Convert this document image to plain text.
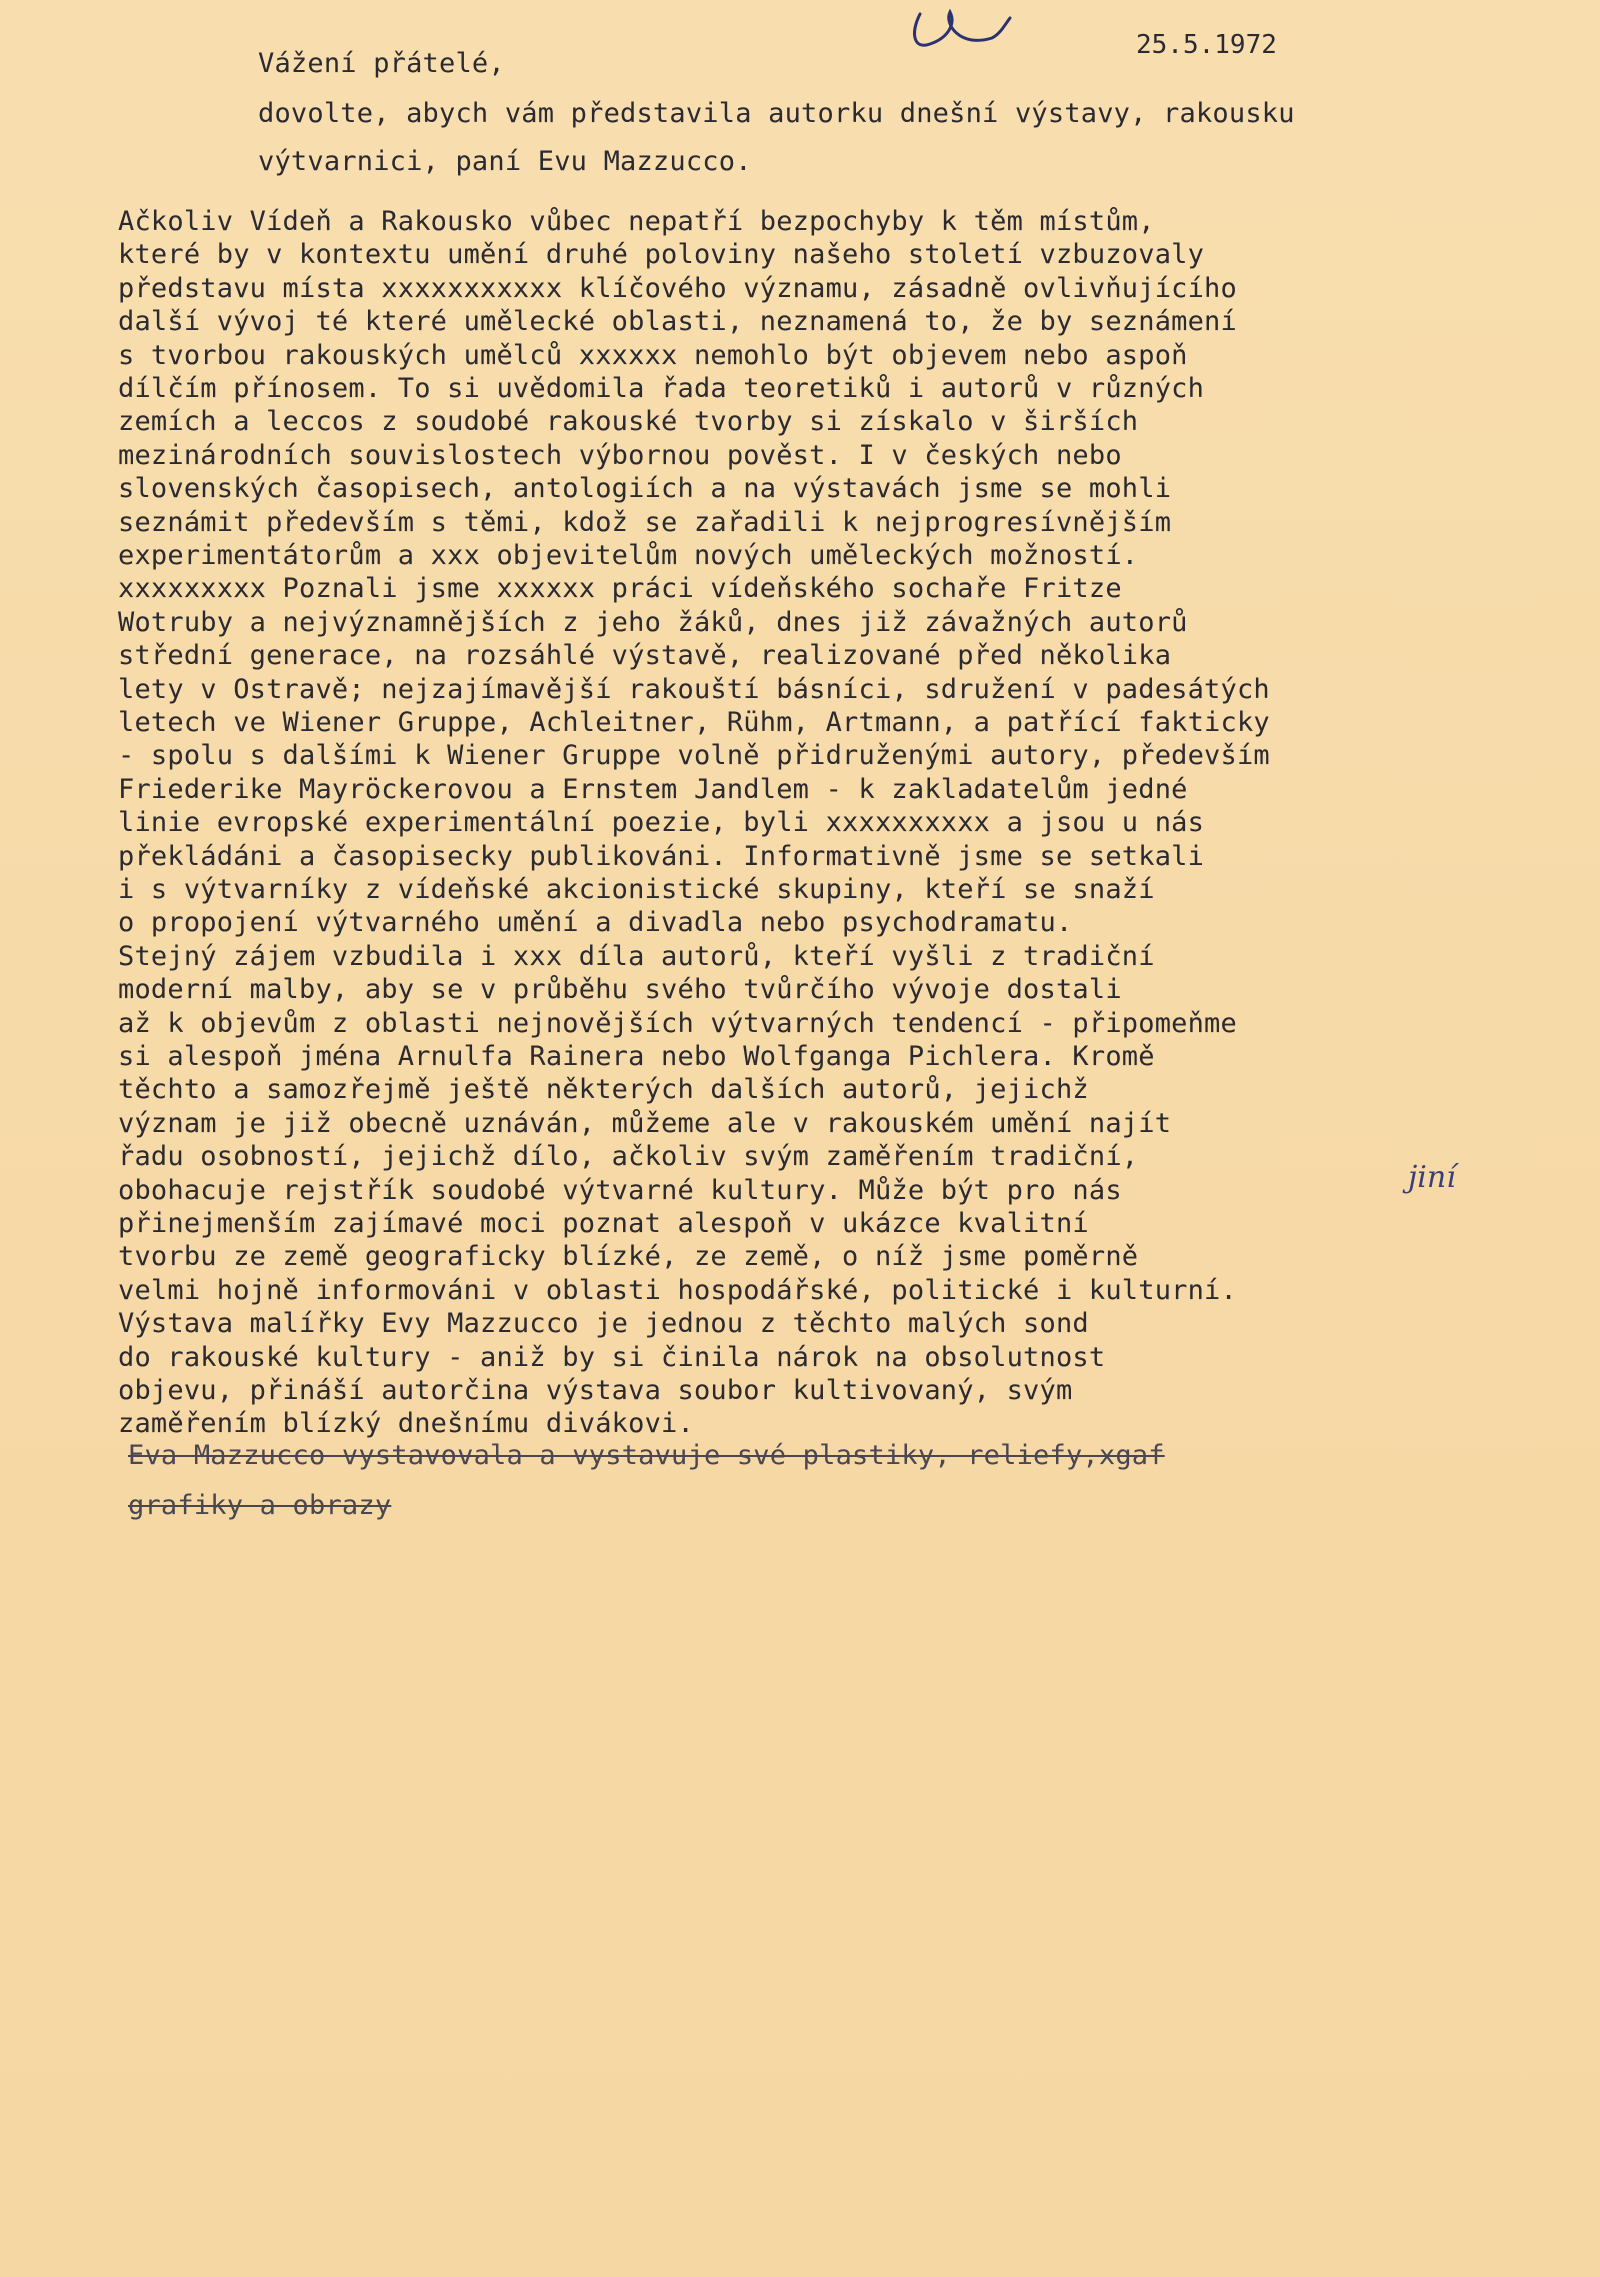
25.5.1972
Vážení přátelé,
dovolte, abych vám představila autorku dnešní výstavy, rakousku
výtvarnici, paní Evu Mazzucco.
Ačkoliv Vídeň a Rakousko vůbec nepatří bezpochyby k těm místům,
které by v kontextu umění druhé poloviny našeho století vzbuzovaly
představu místa xxxxxxxxxxx klíčového významu, zásadně ovlivňujícího
další vývoj té které umělecké oblasti, neznamená to, že by seznámení
s tvorbou rakouských umělců xxxxxx nemohlo být objevem nebo aspoň
dílčím přínosem. To si uvědomila řada teoretiků i autorů v různých
zemích a leccos z soudobé rakouské tvorby si získalo v širších
mezinárodních souvislostech výbornou pověst. I v českých nebo
slovenských časopisech, antologiích a na výstavách jsme se mohli
seznámit především s těmi, kdož se zařadili k nejprogresívnějším
experimentátorům a xxx objevitelům nových uměleckých možností.
xxxxxxxxx Poznali jsme xxxxxx práci vídeňského sochaře Fritze
Wotruby a nejvýznamnějších z jeho žáků, dnes již závažných autorů
střední generace, na rozsáhlé výstavě, realizované před několika
lety v Ostravě; nejzajímavější rakouští básníci, sdružení v padesátých
letech ve Wiener Gruppe, Achleitner, Rühm, Artmann, a patřící fakticky
- spolu s dalšími k Wiener Gruppe volně přidruženými autory, především
Friederike Mayröckerovou a Ernstem Jandlem - k zakladatelům jedné
linie evropské experimentální poezie, byli xxxxxxxxxx a jsou u nás
překládáni a časopisecky publikováni. Informativně jsme se setkali
i s výtvarníky z vídeňské akcionistické skupiny, kteří se snaží
o propojení výtvarného umění a divadla nebo psychodramatu.
Stejný zájem vzbudila i xxx díla autorů, kteří vyšli z tradiční
moderní malby, aby se v průběhu svého tvůrčího vývoje dostali
až k objevům z oblasti nejnovějších výtvarných tendencí - připomeňme
si alespoň jména Arnulfa Rainera nebo Wolfganga Pichlera. Kromě
těchto a samozřejmě ještě některých dalších autorů, jejichž
význam je již obecně uznáván, můžeme ale v rakouském umění najít
řadu osobností, jejichž dílo, ačkoliv svým zaměřením tradiční,
obohacuje rejstřík soudobé výtvarné kultury. Může být pro nás
přinejmenším zajímavé moci poznat alespoň v ukázce kvalitní
tvorbu ze země geograficky blízké, ze země, o níž jsme poměrně
velmi hojně informováni v oblasti hospodářské, politické i kulturní.
Výstava malířky Evy Mazzucco je jednou z těchto malých sond
do rakouské kultury - aniž by si činila nárok na obsolutnost
objevu, přináší autorčina výstava soubor kultivovaný, svým
zaměřením blízký dnešnímu divákovi.
Eva Mazzucco vystavovala a vystavuje své plastiky, reliefy,xgaf
grafiky a obrazy
jiní
